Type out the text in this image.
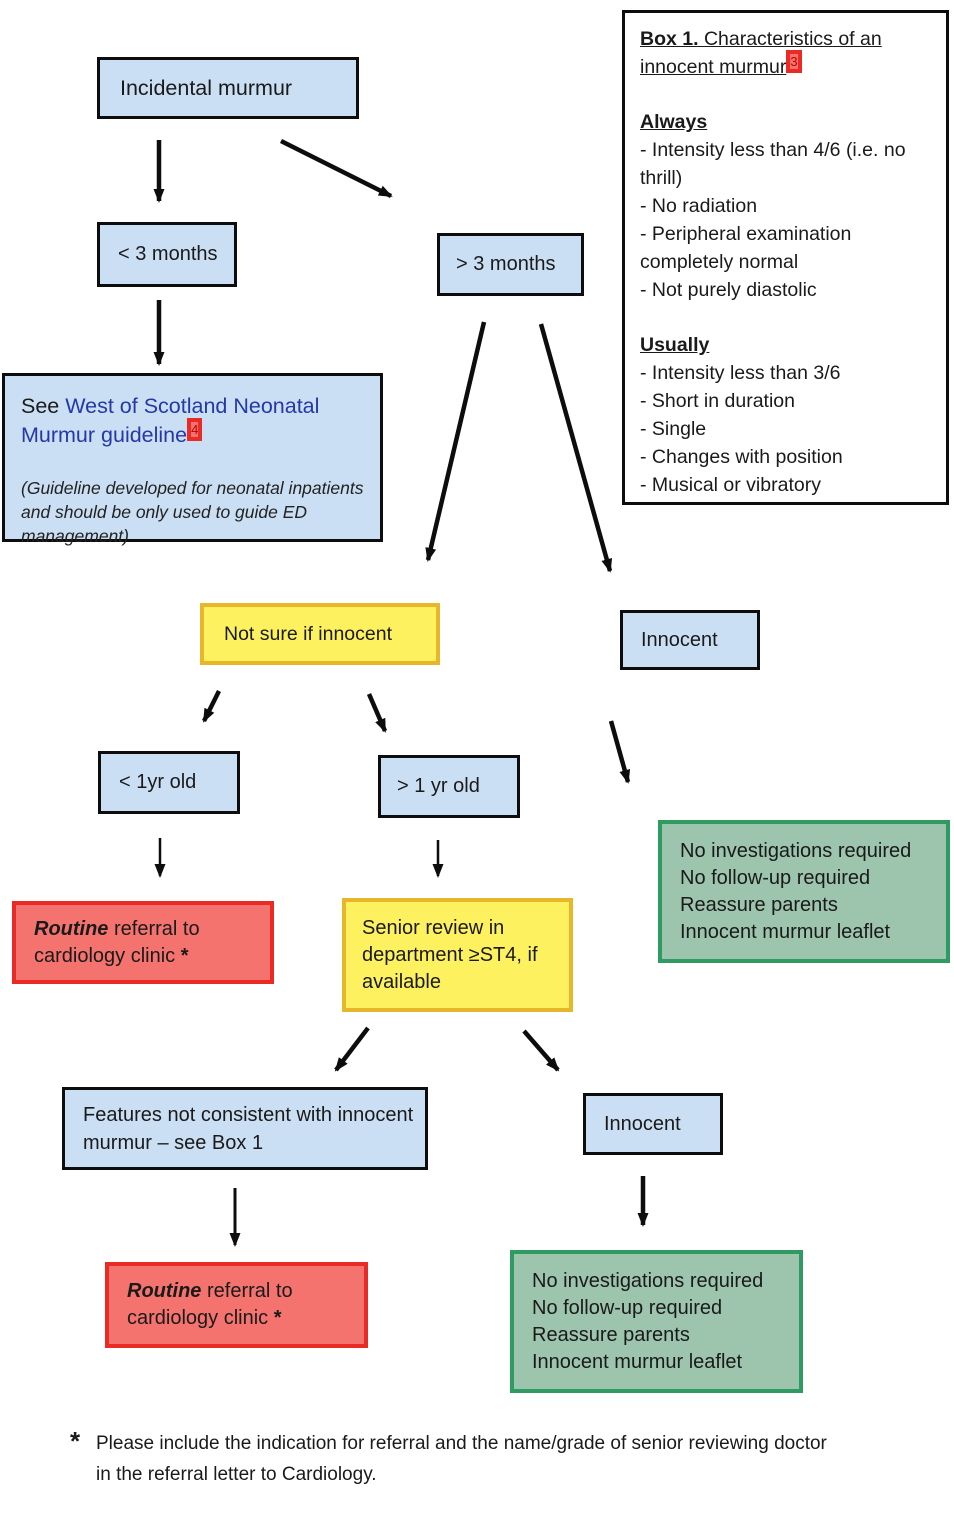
Incidental murmur
Box 1. Characteristics of an innocent murmur $^3$
Always
- Intensity less than 4/6 (i.e. no thrill)
- No radiation
- Peripheral examination completely normal
- Not purely diastolic
Usually
- Intensity less than 3/6
- Short in duration
- Single
- Changes with position
- Musical or vibratory
< 3 months	> 3 months
See West of Scotland Neonatal Murmur guideline $^4$
(Guideline developed for neonatal inpatients and should be only used to guide ED management)
Not sure if innocent	Innocent
< 1yr old	> 1 yr old
Routine referral to cardiology clinic *
Senior review in department ≥ST4, if available
No investigations required
No follow-up required
Reassure parents
Innocent murmur leaflet
Features not consistent with innocent murmur – see Box 1
Innocent
Routine referral to cardiology clinic *
No investigations required
No follow-up required
Reassure parents
Innocent murmur leaflet
* Please include the indication for referral and the name/grade of senior reviewing doctor in the referral letter to Cardiology.
